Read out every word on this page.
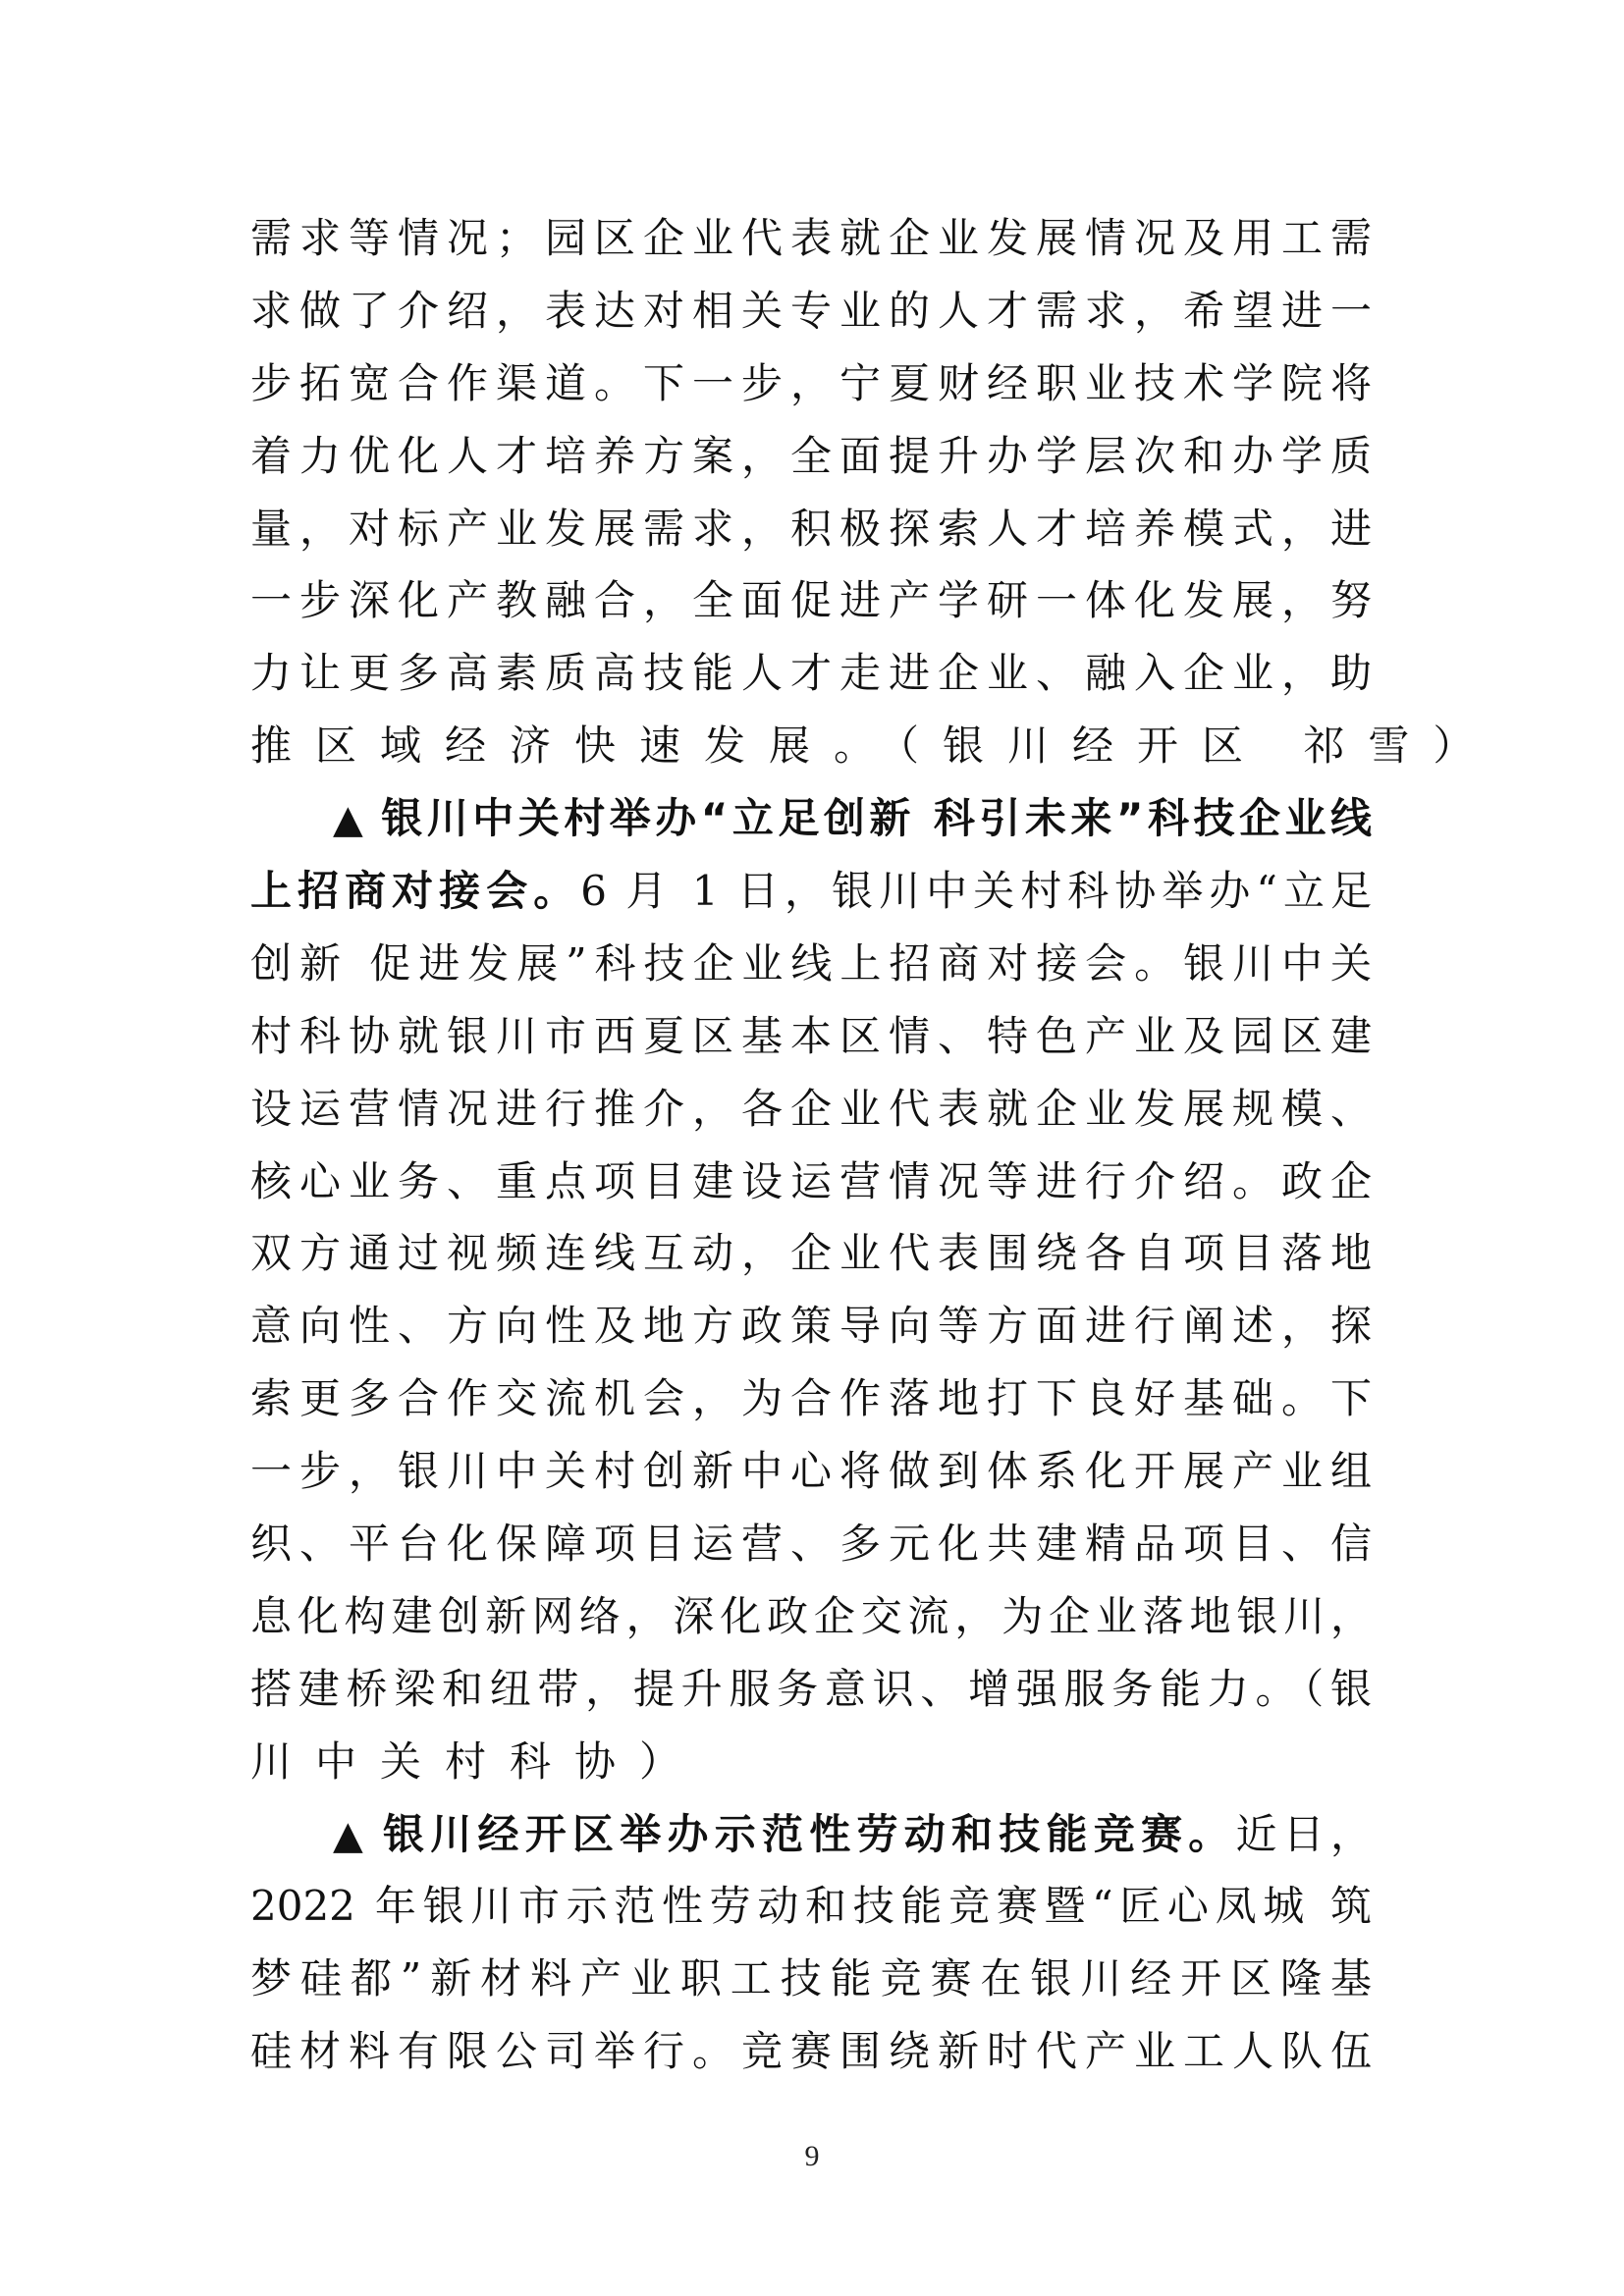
需求等情况；园区企业代表就企业发展情况及用工需
求做了介绍，表达对相关专业的人才需求，希望进一
步拓宽合作渠道。下一步，宁夏财经职业技术学院将
着力优化人才培养方案，全面提升办学层次和办学质
量，对标产业发展需求，积极探索人才培养模式，进
一步深化产教融合，全面促进产学研一体化发展，努
力让更多高素质高技能人才走进企业、融入企业，助
推区域经济快速发展。（银川经开区 祁雪）
▲ 银川中关村举办“立足创新 科引未来”科技企业线
上招商对接会。6 月 1 日，银川中关村科协举办“立足
创新 促进发展”科技企业线上招商对接会。银川中关
村科协就银川市西夏区基本区情、特色产业及园区建
设运营情况进行推介，各企业代表就企业发展规模、
核心业务、重点项目建设运营情况等进行介绍。政企
双方通过视频连线互动，企业代表围绕各自项目落地
意向性、方向性及地方政策导向等方面进行阐述，探
索更多合作交流机会，为合作落地打下良好基础。下
一步，银川中关村创新中心将做到体系化开展产业组
织、平台化保障项目运营、多元化共建精品项目、信
息化构建创新网络，深化政企交流，为企业落地银川，
搭建桥梁和纽带，提升服务意识、增强服务能力。（银
川中关村科协）
▲ 银川经开区举办示范性劳动和技能竞赛。近日，
2022 年银川市示范性劳动和技能竞赛暨“匠心凤城 筑
梦硅都”新材料产业职工技能竞赛在银川经开区隆基
硅材料有限公司举行。竞赛围绕新时代产业工人队伍
9
